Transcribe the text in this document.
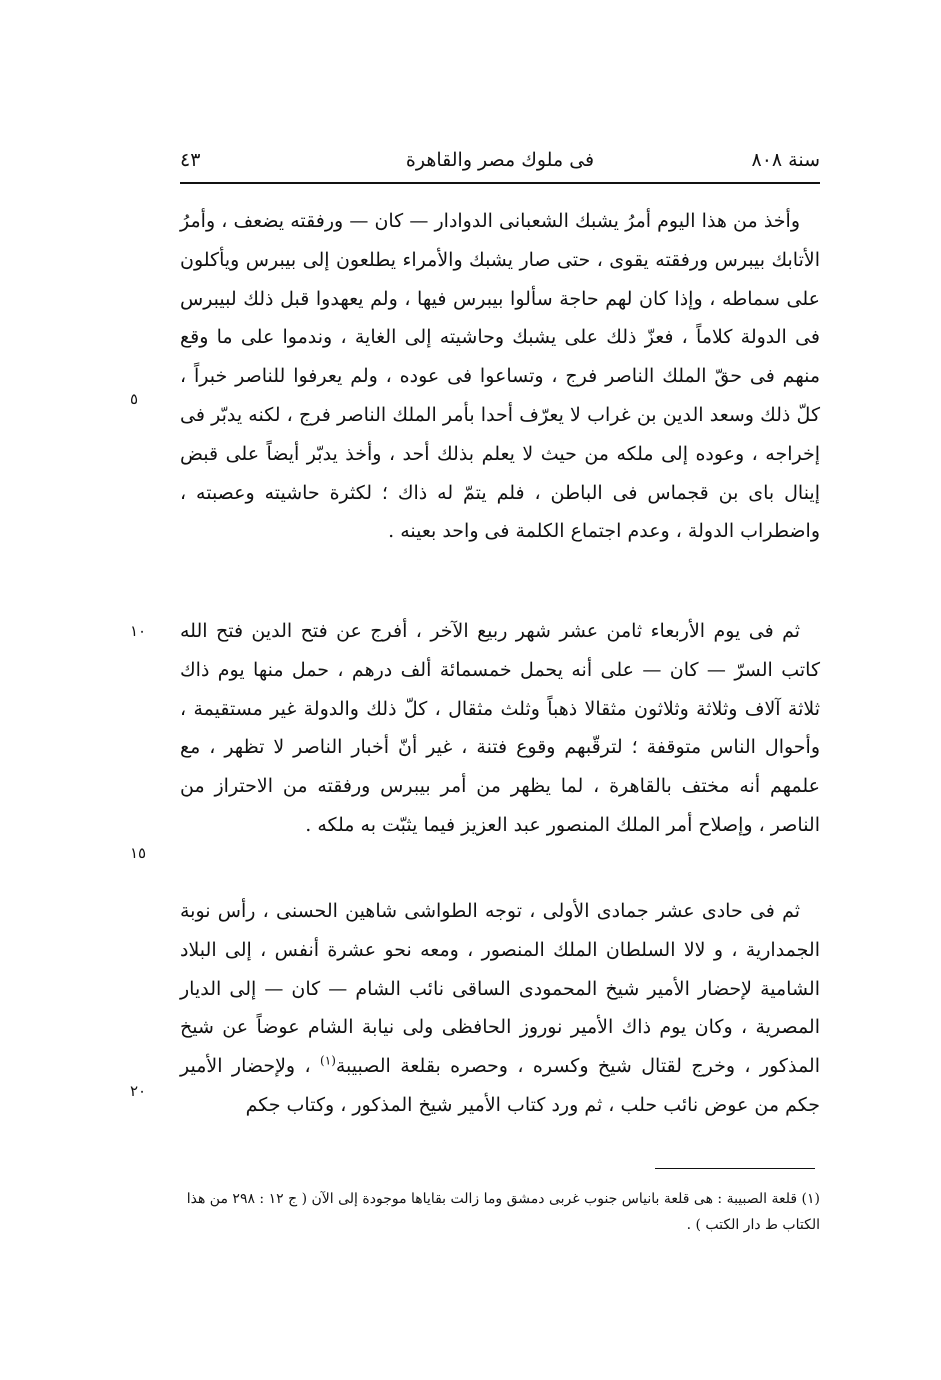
سنة ٨٠٨
فى ملوك مصر والقاهرة
٤٣

وأخذ من هذا اليوم أمرُ يشبك الشعبانى الدوادار — كان — ورفقته يضعف ، وأمرُ الأتابك بيبرس ورفقته يقوى ، حتى صار يشبك والأمراء يطلعون إلى بيبرس ويأكلون على سماطه ، وإذا كان لهم حاجة سألوا بيبرس فيها ، ولم يعهدوا قبل ذلك لبيبرس فى الدولة كلاماً ، فعزّ ذلك على يشبك وحاشيته إلى الغاية ، وندموا على ما وقع منهم فى حقّ الملك الناصر فرج ، وتساعوا فى عوده ، ولم يعرفوا للناصر خبراً ، كلّ ذلك وسعد الدين بن غراب لا يعرّف أحدا بأمر الملك الناصر فرج ، لكنه يدبّر فى إخراجه ، وعوده إلى ملكه من حيث لا يعلم بذلك أحد ، وأخذ يدبّر أيضاً على قبض إينال باى بن قجماس فى الباطن ، فلم يتمّ له ذاك ؛ لكثرة حاشيته وعصبته ، واضطراب الدولة ، وعدم اجتماع الكلمة فى واحد بعينه .

ثم فى يوم الأربعاء ثامن عشر شهر ربيع الآخر ، أفرج عن فتح الدين فتح الله كاتب السرّ — كان — على أنه يحمل خمسمائة ألف درهم ، حمل منها يوم ذاك ثلاثة آلاف وثلاثة وثلاثون مثقالا ذهباً وثلث مثقال ، كلّ ذلك والدولة غير مستقيمة ، وأحوال الناس متوقفة ؛ لترقّبهم وقوع فتنة ، غير أنّ أخبار الناصر لا تظهر ، مع علمهم أنه مختف بالقاهرة ، لما يظهر من أمر بيبرس ورفقته من الاحتراز من الناصر ، وإصلاح أمر الملك المنصور عبد العزيز فيما يثبّت به ملكه .

ثم فى حادى عشر جمادى الأولى ، توجه الطواشى شاهين الحسنى ، رأس نوبة الجمدارية ، و لالا السلطان الملك المنصور ، ومعه نحو عشرة أنفس ، إلى البلاد الشامية لإحضار الأمير شيخ المحمودى الساقى نائب الشام — كان — إلى الديار المصرية ، وكان يوم ذاك الأمير نوروز الحافظى ولى نيابة الشام عوضاً عن شيخ المذكور ، وخرج لقتال شيخ وكسره ، وحصره بقلعة الصبيبة$^{(١)}$ ، ولإحضار الأمير جكم من عوض نائب حلب ، ثم ورد كتاب الأمير شيخ المذكور ، وكتاب جكم

٥
١٠
١٥
٢٠

(١) قلعة الصبيبة : هى قلعة بانياس جنوب غربى دمشق وما زالت بقاياها موجودة إلى الآن ( ج ١٢ : ٢٩٨ من هذا الكتاب ط دار الكتب ) .
